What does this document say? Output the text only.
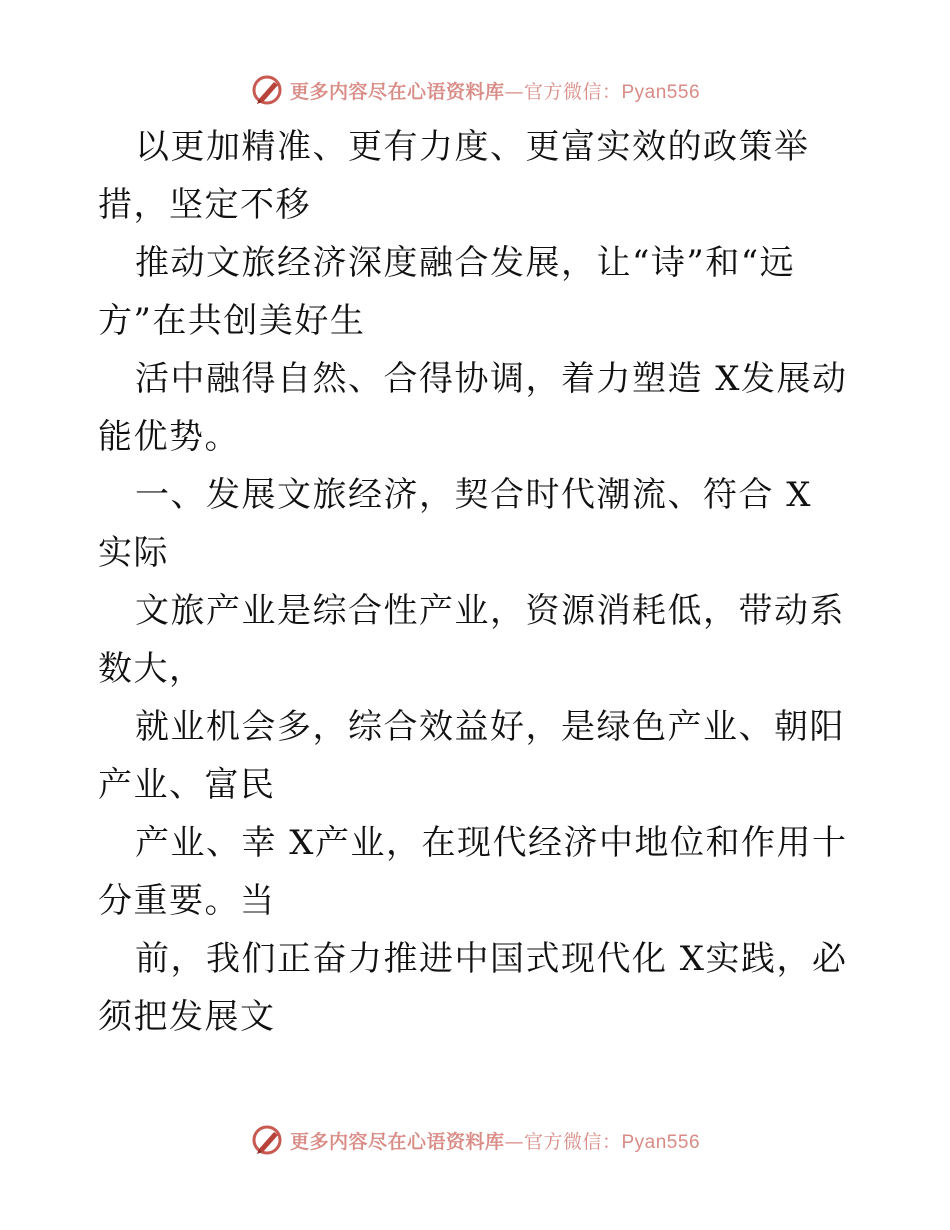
更多内容尽在心语资料库—官方微信：Pyan556

以更加精准、更有力度、更富实效的政策举措，坚定不移

推动文旅经济深度融合发展，让“诗”和“远方”在共创美好生

活中融得自然、合得协调，着力塑造 X发展动能优势。

一、发展文旅经济，契合时代潮流、符合 X 实际

文旅产业是综合性产业，资源消耗低，带动系数大，

就业机会多，综合效益好，是绿色产业、朝阳产业、富民

产业、幸 X产业，在现代经济中地位和作用十分重要。当

前，我们正奋力推进中国式现代化 X实践，必须把发展文

更多内容尽在心语资料库—官方微信：Pyan556
